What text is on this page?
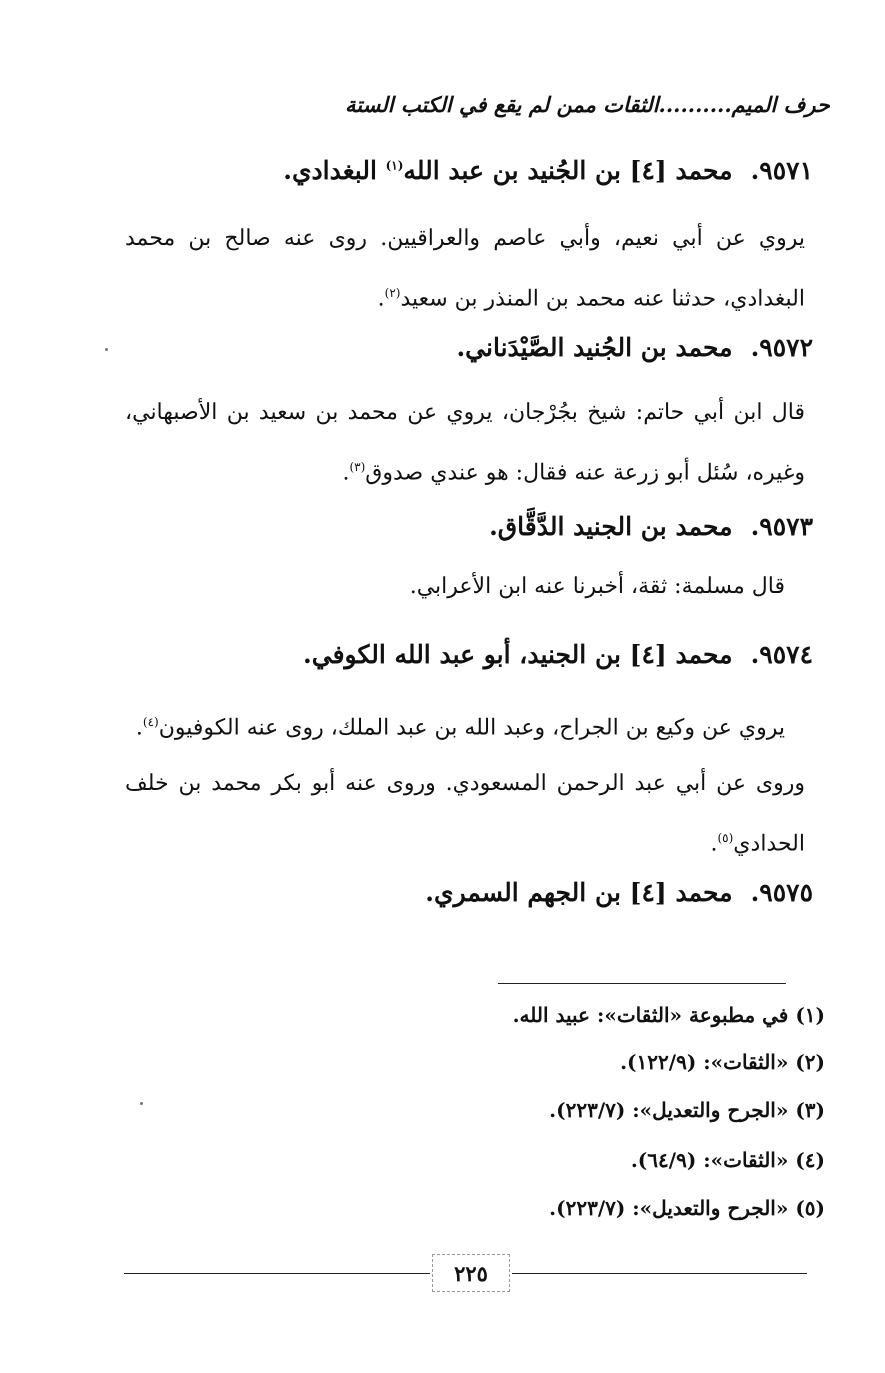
حرف الميم..........الثقات ممن لم يقع في الكتب الستة
٩٥٧١.محمد [٤] بن الجُنيد بن عبد الله$^{(١)}$ البغدادي.
يروي عن أبي نعيم، وأبي عاصم والعراقيين. روى عنه صالح بن محمد البغدادي، حدثنا عنه محمد بن المنذر بن سعيد$^{(٢)}$.
٩٥٧٢.محمد بن الجُنيد الصَّيْدَناني.
قال ابن أبي حاتم: شيخ بجُرْجان، يروي عن محمد بن سعيد بن الأصبهاني، وغيره، سُئل أبو زرعة عنه فقال: هو عندي صدوق$^{(٣)}$.
٩٥٧٣.محمد بن الجنيد الدَّقَّاق.
قال مسلمة: ثقة، أخبرنا عنه ابن الأعرابي.
٩٥٧٤.محمد [٤] بن الجنيد، أبو عبد الله الكوفي.
يروي عن وكيع بن الجراح، وعبد الله بن عبد الملك، روى عنه الكوفيون$^{(٤)}$.
وروى عن أبي عبد الرحمن المسعودي. وروى عنه أبو بكر محمد بن خلف الحدادي$^{(٥)}$.
٩٥٧٥.محمد [٤] بن الجهم السمري.
(١) في مطبوعة «الثقات»: عبيد الله.
(٢) «الثقات»: (١٢٢/٩).
(٣) «الجرح والتعديل»: (٢٢٣/٧).
(٤) «الثقات»: (٦٤/٩).
(٥) «الجرح والتعديل»: (٢٢٣/٧).
٢٢٥
